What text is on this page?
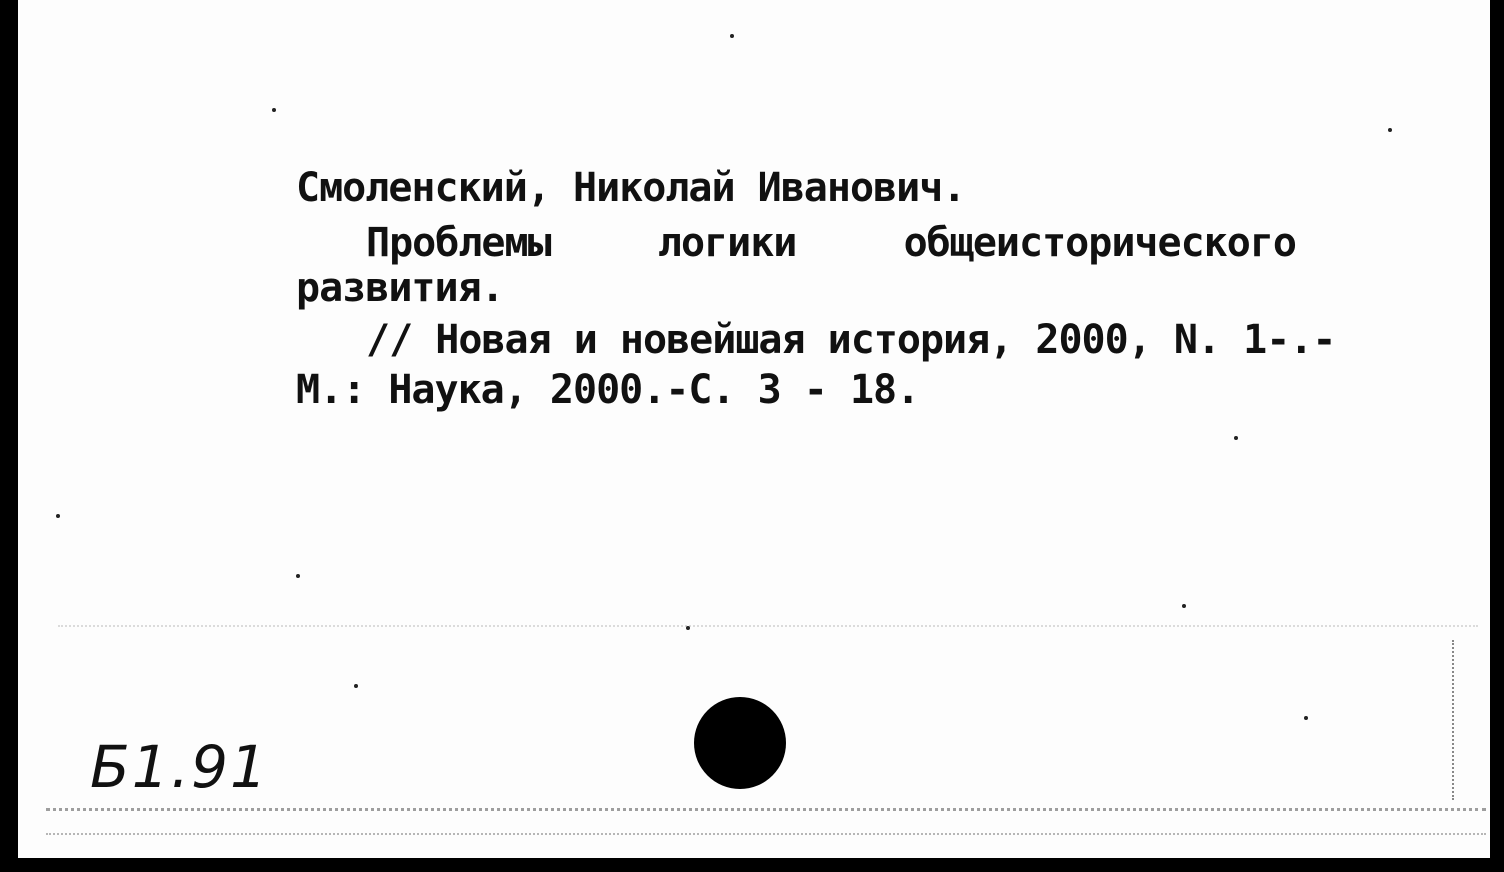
Смоленский, Николай Иванович.
Проблемы	логики	общеисторического
развития.
// Новая и новейшая история, 2000, N. 1-.-
М.: Наука, 2000.-С. 3 - 18.
Б1.91
